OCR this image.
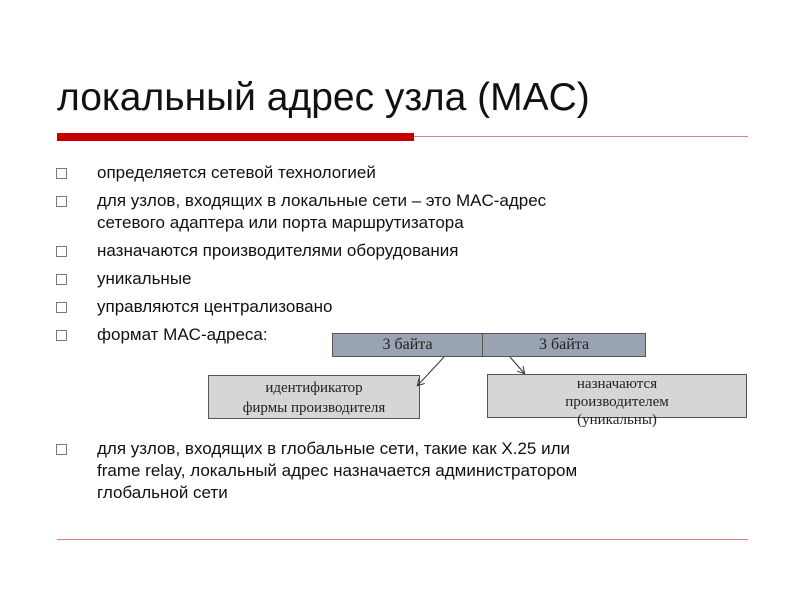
локальный адрес узла (MAC)
определяется сетевой технологией
для узлов, входящих в локальные сети – это MAC-адрес
сетевого адаптера или порта маршрутизатора
назначаются производителями оборудования
уникальные
управляются централизовано
формат MAC-адреса:
для узлов, входящих в глобальные сети, такие как X.25 или
frame relay, локальный адрес назначается администратором
глобальной сети
3 байта	3 байта
идентификатор
фирмы производителя
назначаются
производителем
(уникальны)
